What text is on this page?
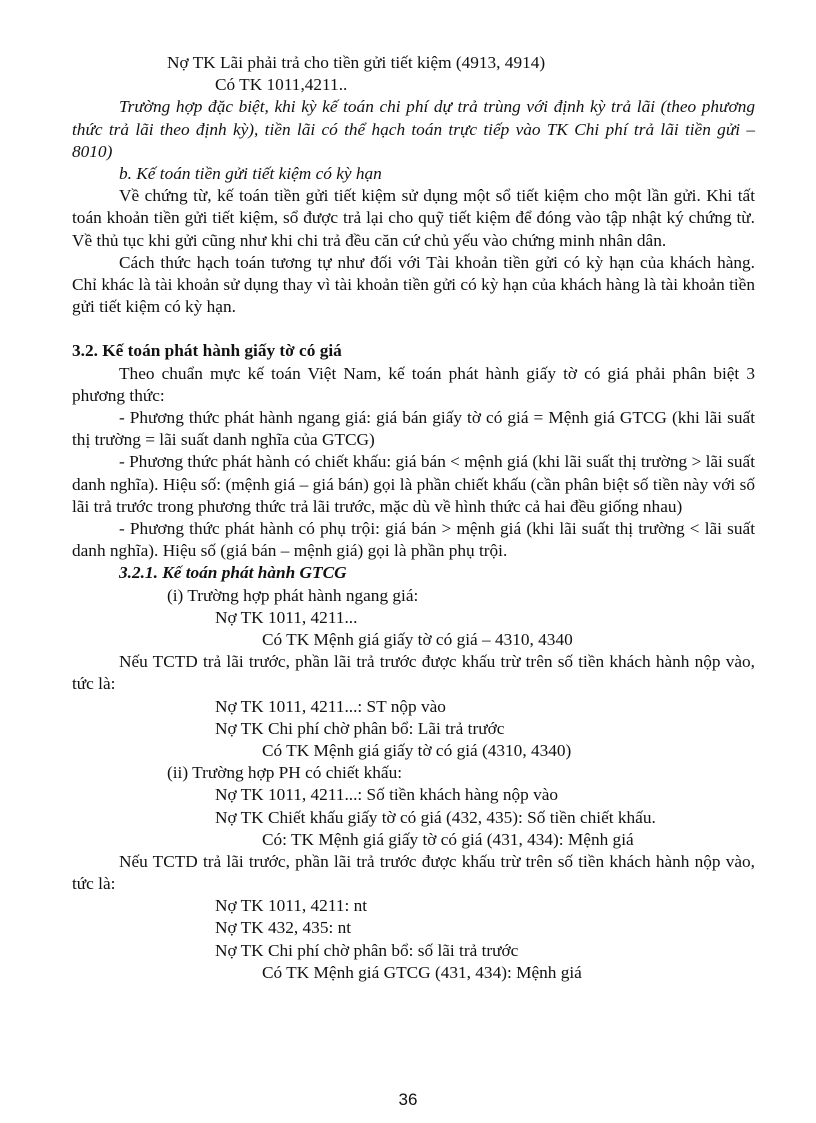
Nợ TK Lãi phải trả cho tiền gửi tiết kiệm (4913, 4914)
Có TK 1011,4211..
Trường hợp đặc biệt, khi kỳ kế toán chi phí dự trả trùng với định kỳ trả lãi (theo phương thức trả lãi theo định kỳ), tiền lãi có thể hạch toán trực tiếp vào TK Chi phí trả lãi tiền gửi – 8010)
b. Kế toán tiền gửi tiết kiệm có kỳ hạn
Về chứng từ, kế toán tiền gửi tiết kiệm sử dụng một sổ tiết kiệm cho một lần gửi. Khi tất toán khoản tiền gửi tiết kiệm, sổ được trả lại cho quỹ tiết kiệm để đóng vào tập nhật ký chứng từ. Về thủ tục khi gửi cũng như khi chi trả đều căn cứ chủ yếu vào chứng minh nhân dân.
Cách thức hạch toán tương tự như đối với Tài khoản tiền gửi có kỳ hạn của khách hàng. Chỉ khác là tài khoản sử dụng thay vì tài khoản tiền gửi có kỳ hạn của khách hàng là tài khoản tiền gửi tiết kiệm có kỳ hạn.
3.2. Kế toán phát hành giấy tờ có giá
Theo chuẩn mực kế toán Việt Nam, kế toán phát hành giấy tờ có giá phải phân biệt 3 phương thức:
- Phương thức phát hành ngang giá: giá bán giấy tờ có giá = Mệnh giá GTCG (khi lãi suất thị trường = lãi suất danh nghĩa của GTCG)
- Phương thức phát hành có chiết khấu: giá bán < mệnh giá (khi lãi suất thị trường > lãi suất danh nghĩa). Hiệu số: (mệnh giá – giá bán) gọi là phần chiết khấu (cần phân biệt số tiền này với số lãi trả trước trong phương thức trả lãi trước, mặc dù về hình thức cả hai đều giống nhau)
- Phương thức phát hành có phụ trội: giá bán > mệnh giá (khi lãi suất thị trường < lãi suất danh nghĩa). Hiệu số (giá bán – mệnh giá) gọi là phần phụ trội.
3.2.1. Kế toán phát hành GTCG
(i) Trường hợp phát hành ngang giá:
Nợ TK 1011, 4211...
Có TK Mệnh giá giấy tờ có giá – 4310, 4340
Nếu TCTD trả lãi trước, phần lãi trả trước được khấu trừ trên số tiền khách hành nộp vào, tức là:
Nợ TK 1011, 4211...: ST nộp vào
Nợ TK Chi phí chờ phân bổ: Lãi trả trước
Có TK Mệnh giá giấy tờ có giá (4310, 4340)
(ii) Trường hợp PH có chiết khấu:
Nợ TK 1011, 4211...: Số tiền khách hàng nộp vào
Nợ TK Chiết khấu giấy tờ có giá (432, 435): Số tiền chiết khấu.
Có: TK Mệnh giá giấy tờ có giá (431, 434): Mệnh giá
Nếu TCTD trả lãi trước, phần lãi trả trước được khấu trừ trên số tiền khách hành nộp vào, tức là:
Nợ TK 1011, 4211: nt
Nợ TK 432, 435: nt
Nợ TK Chi phí chờ phân bổ: số lãi trả trước
Có TK Mệnh giá GTCG (431, 434): Mệnh giá
36
